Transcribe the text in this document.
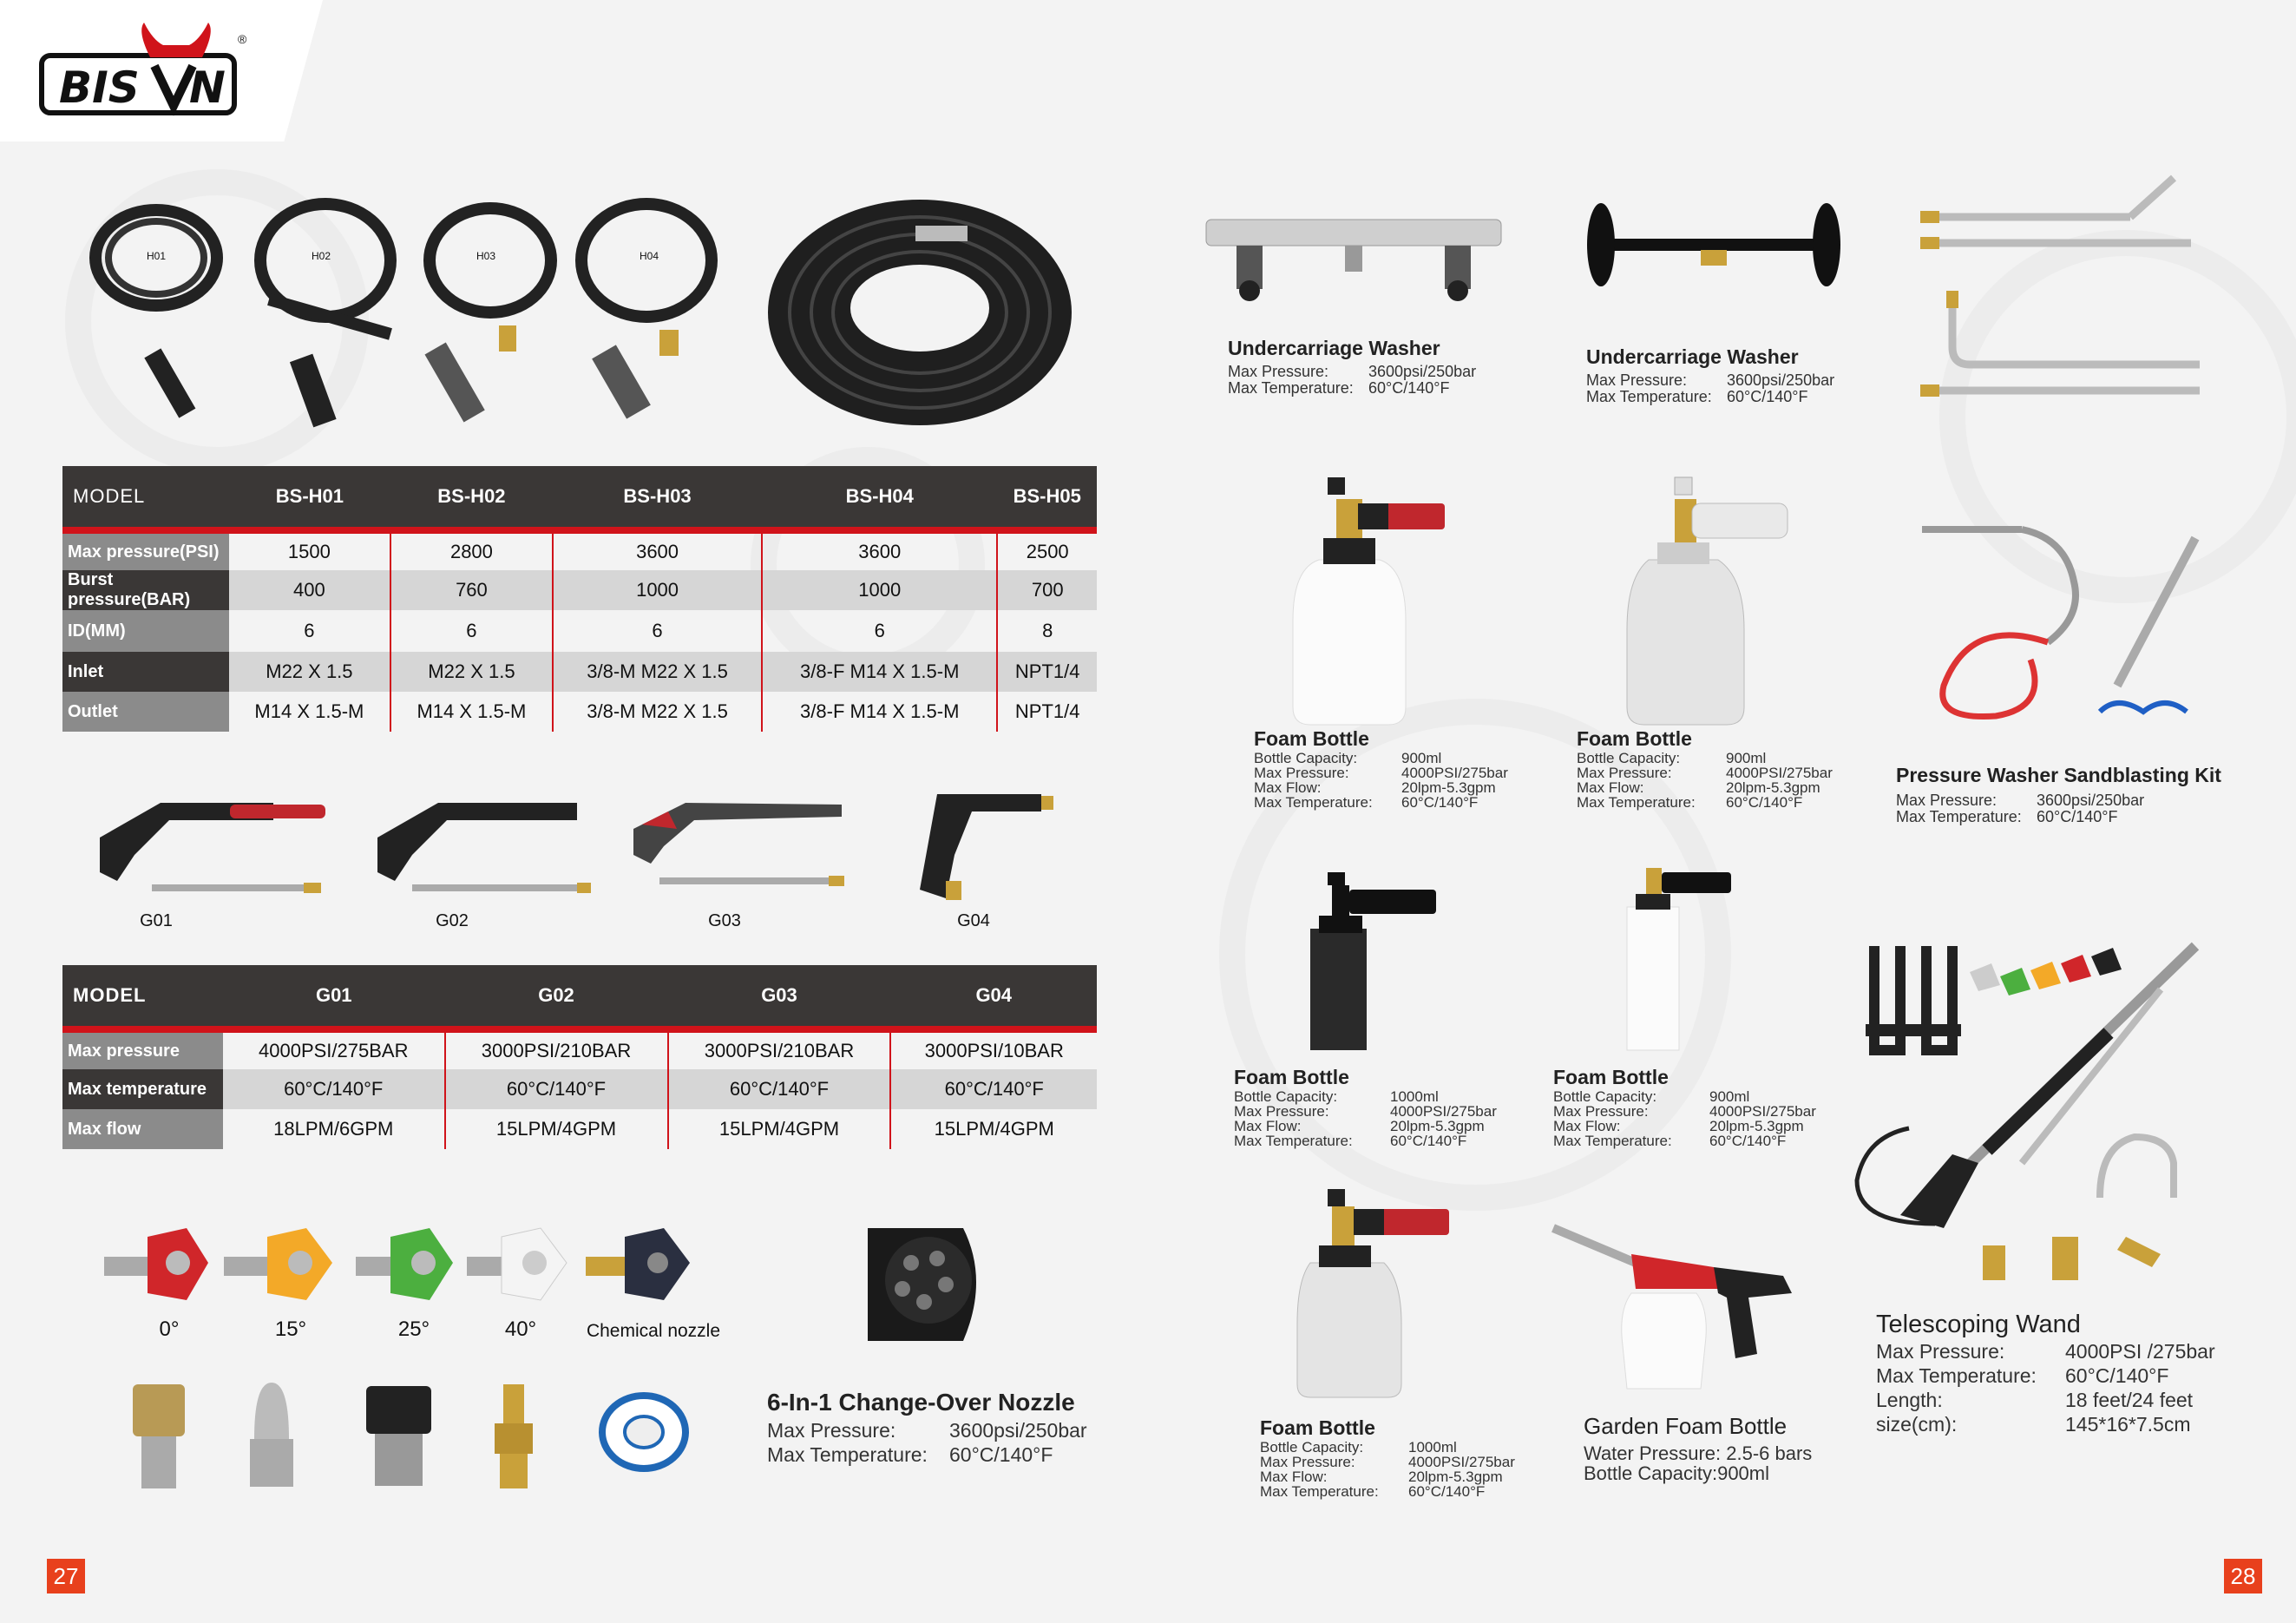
BIS N
®
H01	H02	H03	H04
MODEL	BS-H01	BS-H02	BS-H03	BS-H04	BS-H05
Max pressure(PSI)	1500	2800	3600	3600	2500
Burst pressure(BAR)	400	760	1000	1000	700
ID(MM)	6	6	6	6	8
Inlet	M22 X 1.5	M22 X 1.5	3/8-M M22 X 1.5	3/8-F M14 X 1.5-M	NPT1/4
Outlet	M14 X 1.5-M	M14 X 1.5-M	3/8-M M22 X 1.5	3/8-F M14 X 1.5-M	NPT1/4
G01	G02	G03	G04
MODEL	G01	G02	G03	G04
Max pressure	4000PSI/275BAR	3000PSI/210BAR	3000PSI/210BAR	3000PSI/10BAR
Max temperature	60°C/140°F	60°C/140°F	60°C/140°F	60°C/140°F
Max flow	18LPM/6GPM	15LPM/4GPM	15LPM/4GPM	15LPM/4GPM
0°	15°	25°	40°	Chemical nozzle
6-In-1 Change-Over Nozzle
Max Pressure:	3600psi/250bar
Max Temperature: 60°C/140°F
Undercarriage Washer
Max Pressure:	3600psi/250bar
Max Temperature: 60°C/140°F
Undercarriage Washer
Max Pressure:	3600psi/250bar
Max Temperature: 60°C/140°F
Foam Bottle
Bottle Capacity:	900ml
Max Pressure:	4000PSI/275bar
Max Flow:	20lpm-5.3gpm
Max Temperature: 60°C/140°F
Foam Bottle
Bottle Capacity:	900ml
Max Pressure:	4000PSI/275bar
Max Flow:	20lpm-5.3gpm
Max Temperature: 60°C/140°F
Pressure Washer Sandblasting Kit
Max Pressure:	3600psi/250bar
Max Temperature: 60°C/140°F
Foam Bottle
Bottle Capacity:	1000ml
Max Pressure:	4000PSI/275bar
Max Flow:	20lpm-5.3gpm
Max Temperature:	60°C/140°F
Foam Bottle
Bottle Capacity:	900ml
Max Pressure:	4000PSI/275bar
Max Flow:	20lpm-5.3gpm
Max Temperature:	60°C/140°F
Telescoping Wand
Max Pressure:	4000PSI /275bar
Max Temperature: 60°C/140°F
Length:	18 feet/24 feet
size(cm):	145*16*7.5cm
Foam Bottle
Bottle Capacity:	1000ml
Max Pressure:	4000PSI/275bar
Max Flow:	20lpm-5.3gpm
Max Temperature: 60°C/140°F
Garden Foam Bottle
Water Pressure: 2.5-6 bars
Bottle Capacity:900ml
27	28
